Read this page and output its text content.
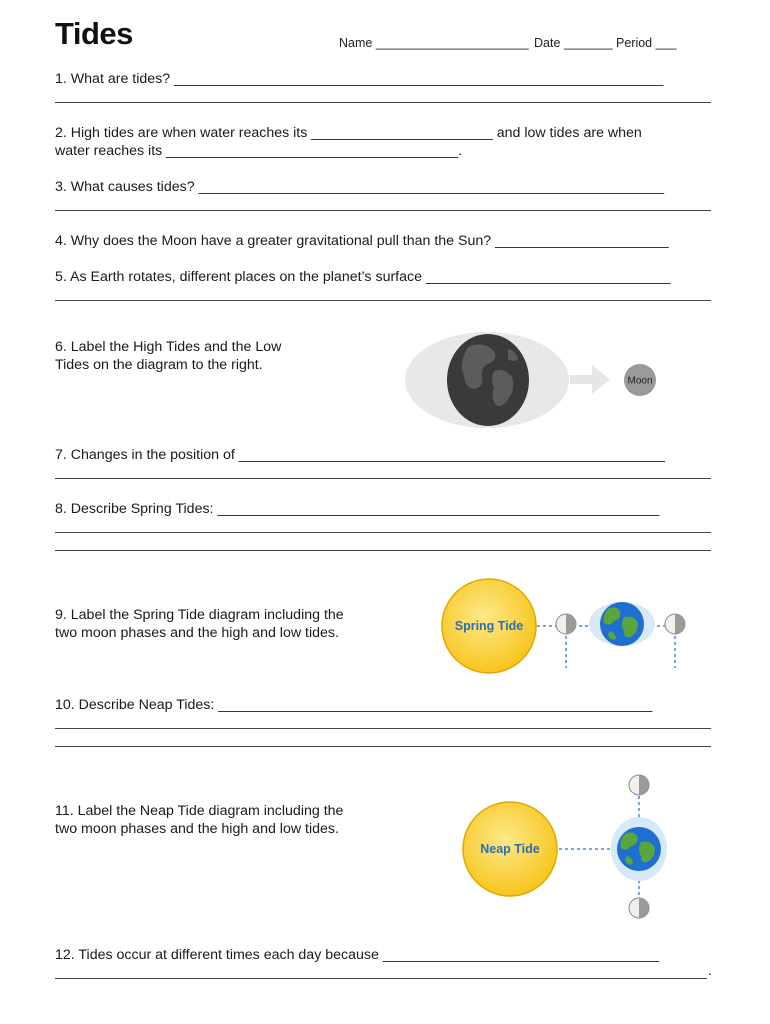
Tides	Name ______________________ Date _______ Period ___
1. What are tides? ______________________________________________________________
2. High tides are when water reaches its _______________________ and low tides are when
water reaches its _____________________________________.
3. What causes tides? ___________________________________________________________
4. Why does the Moon have a greater gravitational pull than the Sun? ______________________
5. As Earth rotates, different places on the planet’s surface _______________________________
6. Label the High Tides and the Low
Tides on the diagram to the right.
Moon
7. Changes in the position of ______________________________________________________
8. Describe Spring Tides: ________________________________________________________
9. Label the Spring Tide diagram including the
two moon phases and the high and low tides.	Spring Tide
10. Describe Neap Tides: _______________________________________________________
11. Label the Neap Tide diagram including the
two moon phases and the high and low tides.
Neap Tide
12. Tides occur at different times each day because ___________________________________
.
